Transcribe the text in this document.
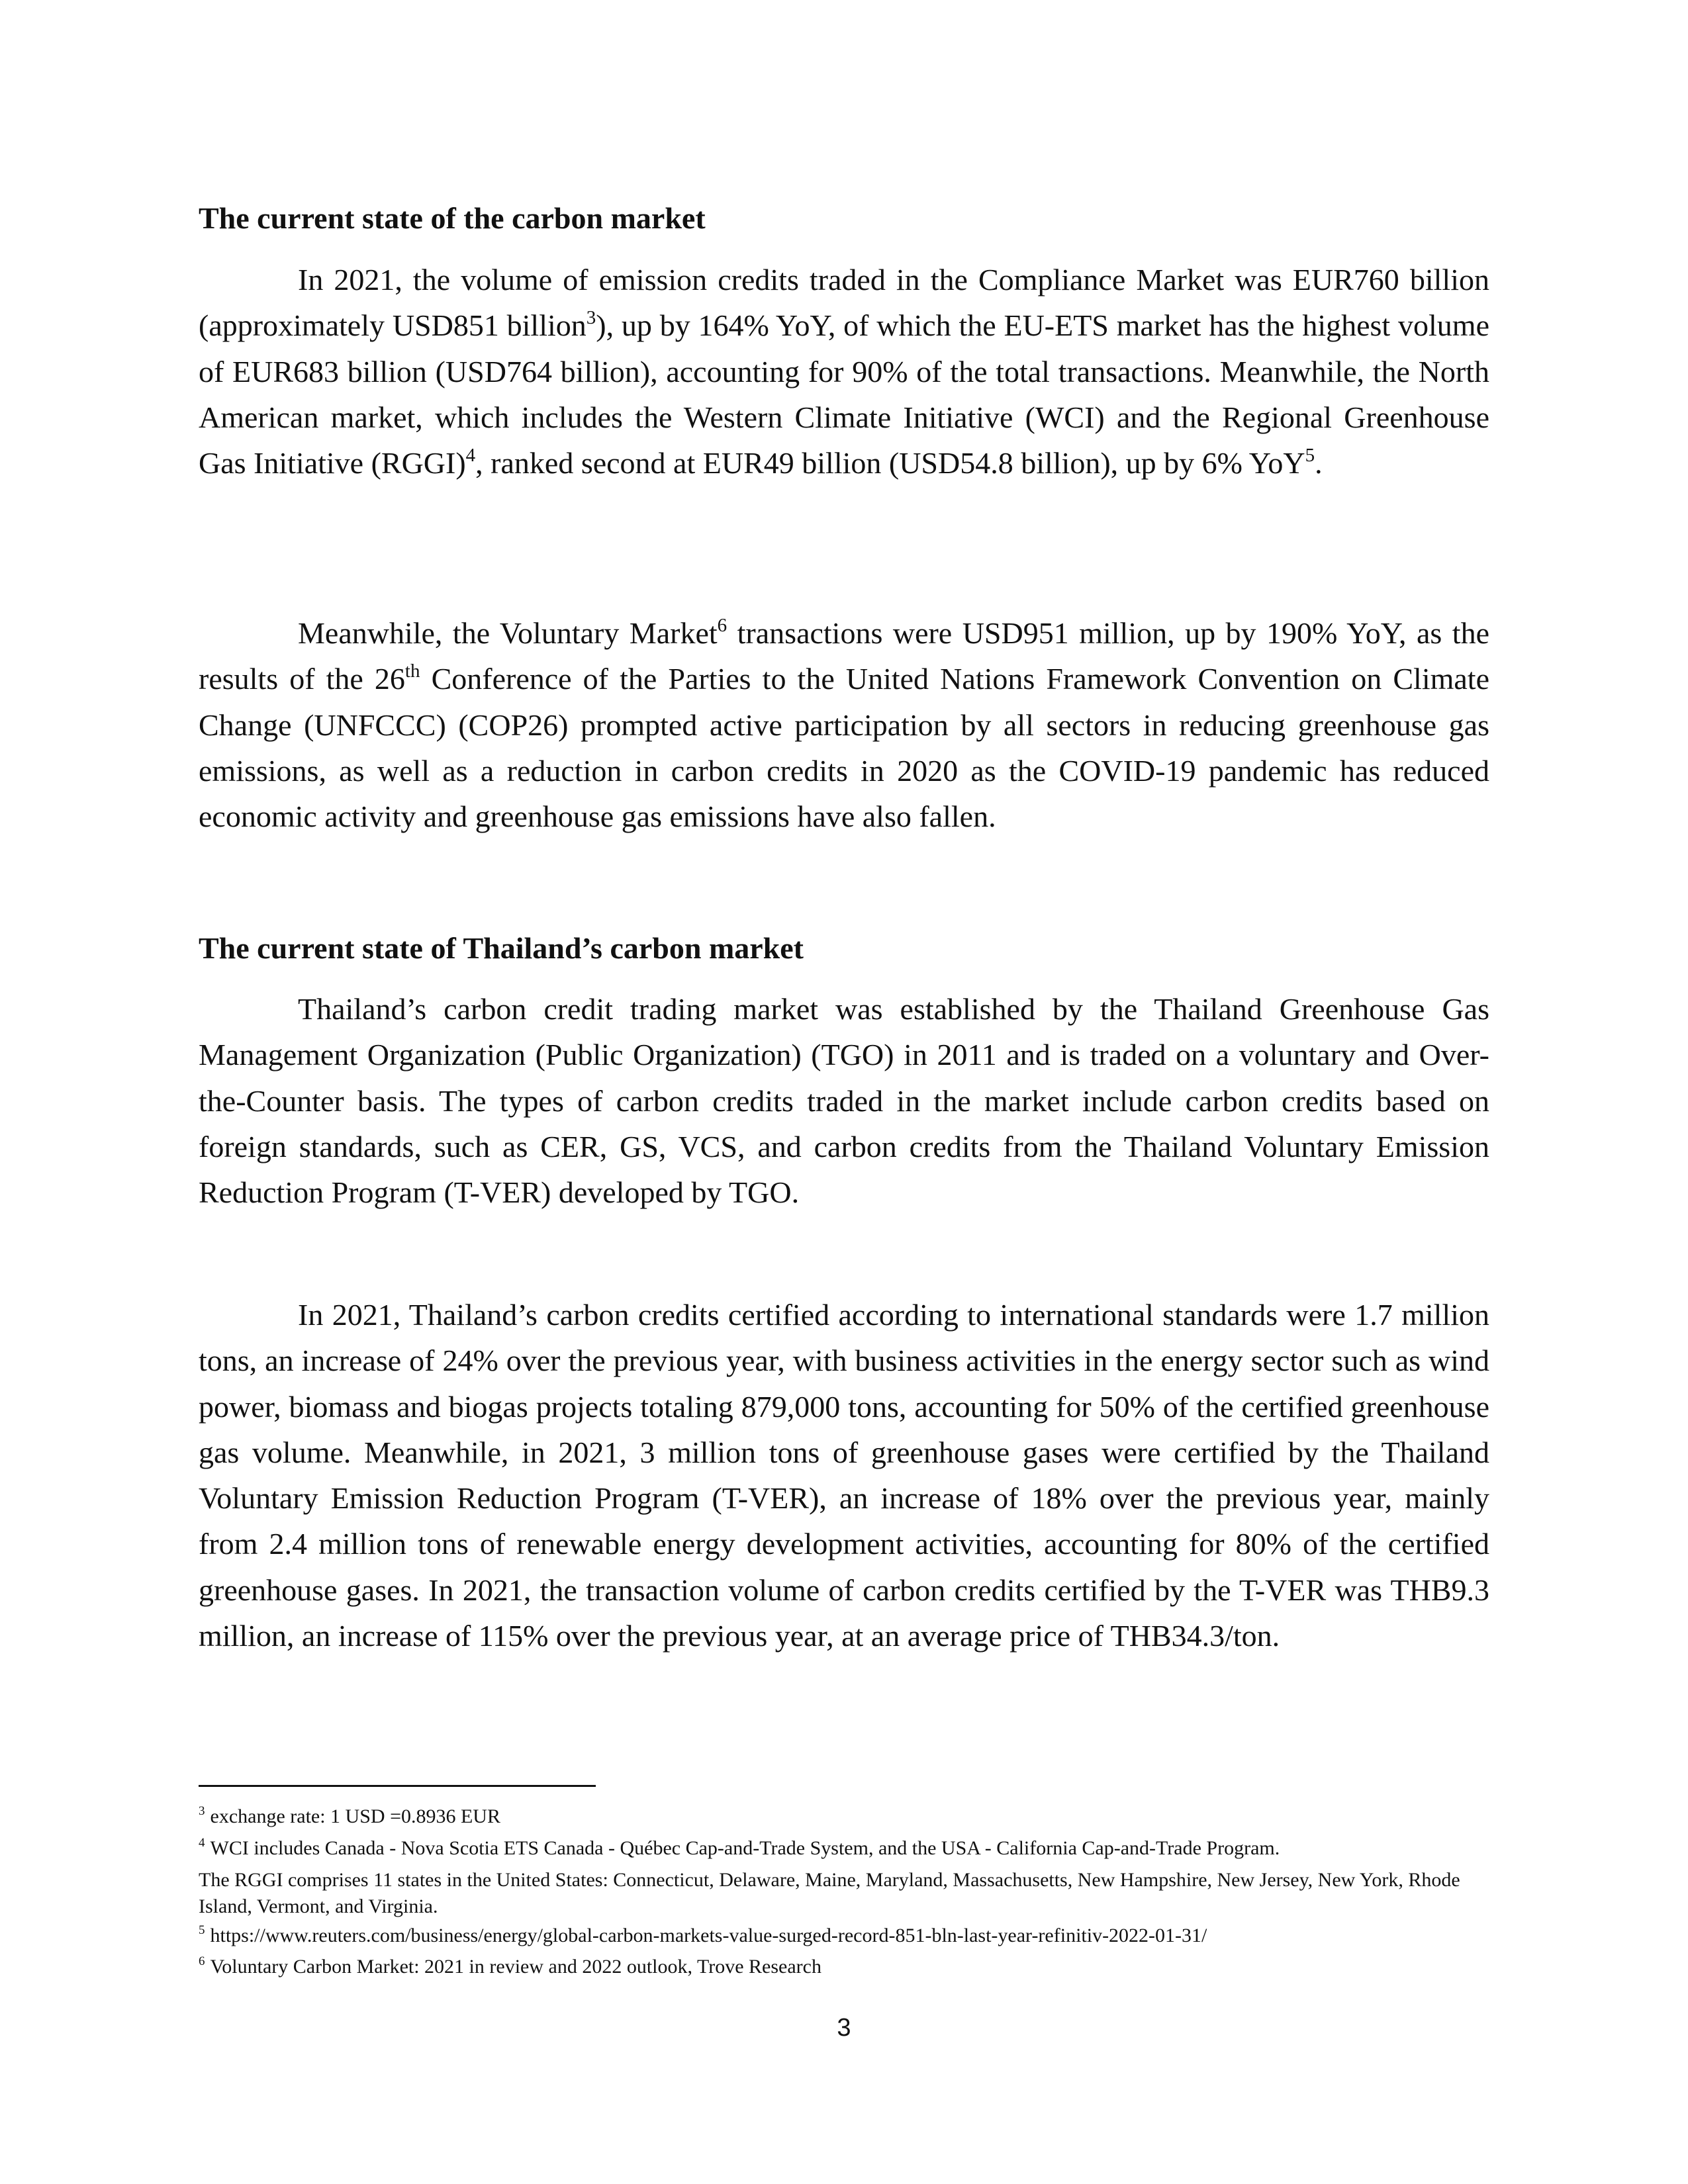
The current state of the carbon market

In 2021, the volume of emission credits traded in the Compliance Market was EUR760 billion (approximately USD851 billion$^3$), up by 164% YoY, of which the EU-ETS market has the highest volume of EUR683 billion (USD764 billion), accounting for 90% of the total transactions. Meanwhile, the North American market, which includes the Western Climate Initiative (WCI) and the Regional Greenhouse Gas Initiative (RGGI)$^4$, ranked second at EUR49 billion (USD54.8 billion), up by 6% YoY$^5$.

Meanwhile, the Voluntary Market$^6$ transactions were USD951 million, up by 190% YoY, as the results of the 26th Conference of the Parties to the United Nations Framework Convention on Climate Change (UNFCCC) (COP26) prompted active participation by all sectors in reducing greenhouse gas emissions, as well as a reduction in carbon credits in 2020 as the COVID-19 pandemic has reduced economic activity and greenhouse gas emissions have also fallen.

The current state of Thailand’s carbon market

Thailand’s carbon credit trading market was established by the Thailand Greenhouse Gas Management Organization (Public Organization) (TGO) in 2011 and is traded on a voluntary and Over-the-Counter basis. The types of carbon credits traded in the market include carbon credits based on foreign standards, such as CER, GS, VCS, and carbon credits from the Thailand Voluntary Emission Reduction Program (T-VER) developed by TGO.

In 2021, Thailand’s carbon credits certified according to international standards were 1.7 million tons, an increase of 24% over the previous year, with business activities in the energy sector such as wind power, biomass and biogas projects totaling 879,000 tons, accounting for 50% of the certified greenhouse gas volume. Meanwhile, in 2021, 3 million tons of greenhouse gases were certified by the Thailand Voluntary Emission Reduction Program (T-VER), an increase of 18% over the previous year, mainly from 2.4 million tons of renewable energy development activities, accounting for 80% of the certified greenhouse gases. In 2021, the transaction volume of carbon credits certified by the T-VER was THB9.3 million, an increase of 115% over the previous year, at an average price of THB34.3/ton.

$^3$ exchange rate: 1 USD =0.8936 EUR

$^4$ WCI includes Canada - Nova Scotia ETS Canada - Québec Cap-and-Trade System, and the USA - California Cap-and-Trade Program.

The RGGI comprises 11 states in the United States: Connecticut, Delaware, Maine, Maryland, Massachusetts, New Hampshire, New Jersey, New York, Rhode Island, Vermont, and Virginia.

$^5$ https://www.reuters.com/business/energy/global-carbon-markets-value-surged-record-851-bln-last-year-refinitiv-2022-01-31/

$^6$ Voluntary Carbon Market: 2021 in review and 2022 outlook, Trove Research

3
